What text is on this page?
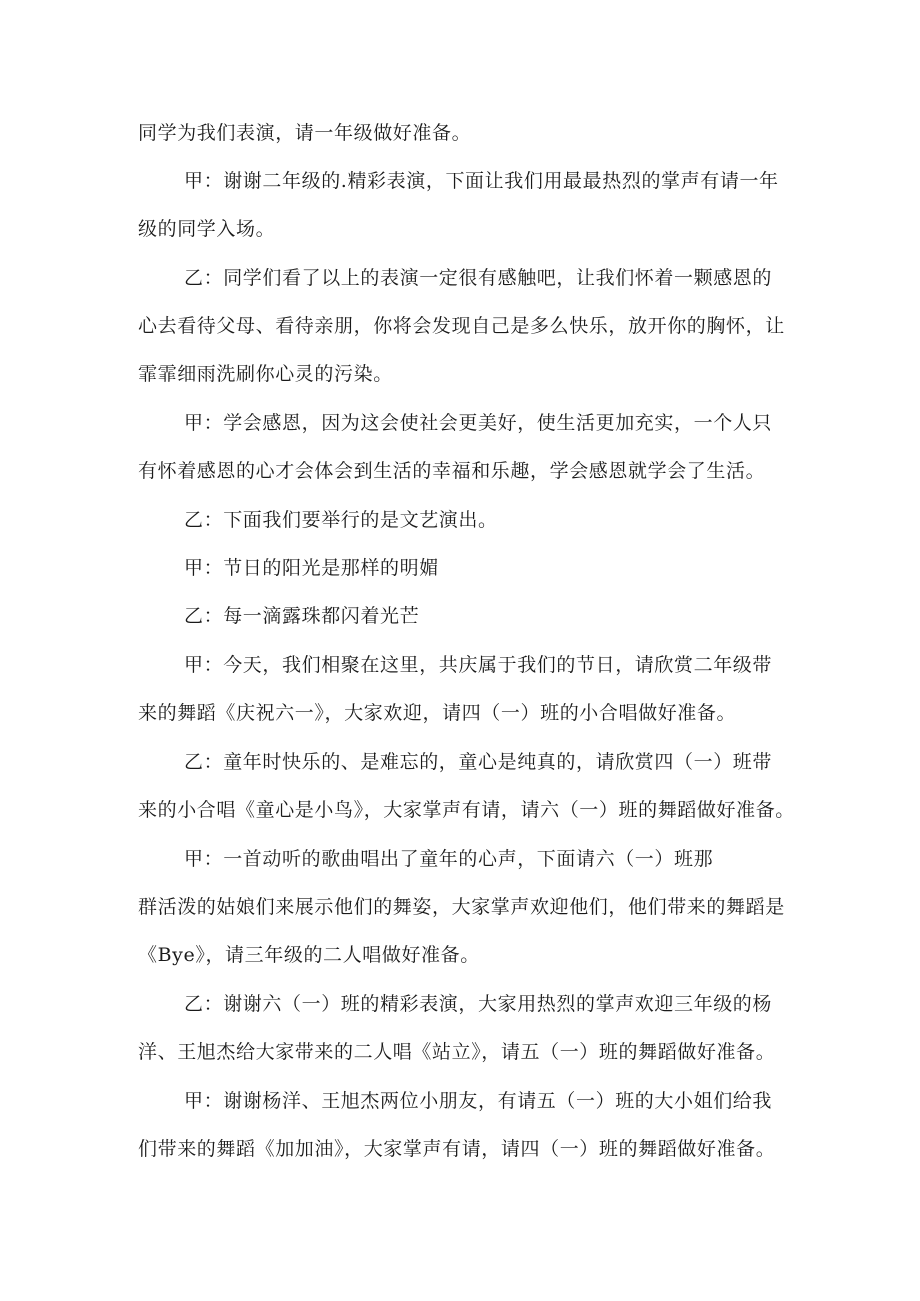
同学为我们表演，请一年级做好准备。
甲：谢谢二年级的.精彩表演，下面让我们用最最热烈的掌声有请一年
级的同学入场。
乙：同学们看了以上的表演一定很有感触吧，让我们怀着一颗感恩的
心去看待父母、看待亲朋，你将会发现自己是多么快乐，放开你的胸怀，让
霏霏细雨洗刷你心灵的污染。
甲：学会感恩，因为这会使社会更美好，使生活更加充实，一个人只
有怀着感恩的心才会体会到生活的幸福和乐趣，学会感恩就学会了生活。
乙：下面我们要举行的是文艺演出。
甲：节日的阳光是那样的明媚
乙：每一滴露珠都闪着光芒
甲：今天，我们相聚在这里，共庆属于我们的节日，请欣赏二年级带
来的舞蹈《庆祝六一》，大家欢迎，请四（一）班的小合唱做好准备。
乙：童年时快乐的、是难忘的，童心是纯真的，请欣赏四（一）班带
来的小合唱《童心是小鸟》，大家掌声有请，请六（一）班的舞蹈做好准备。
甲：一首动听的歌曲唱出了童年的心声，下面请六（一）班那
群活泼的姑娘们来展示他们的舞姿，大家掌声欢迎他们，他们带来的舞蹈是
《Bye》，请三年级的二人唱做好准备。
乙：谢谢六（一）班的精彩表演，大家用热烈的掌声欢迎三年级的杨
洋、王旭杰给大家带来的二人唱《站立》，请五（一）班的舞蹈做好准备。
甲：谢谢杨洋、王旭杰两位小朋友，有请五（一）班的大小姐们给我
们带来的舞蹈《加加油》，大家掌声有请，请四（一）班的舞蹈做好准备。
